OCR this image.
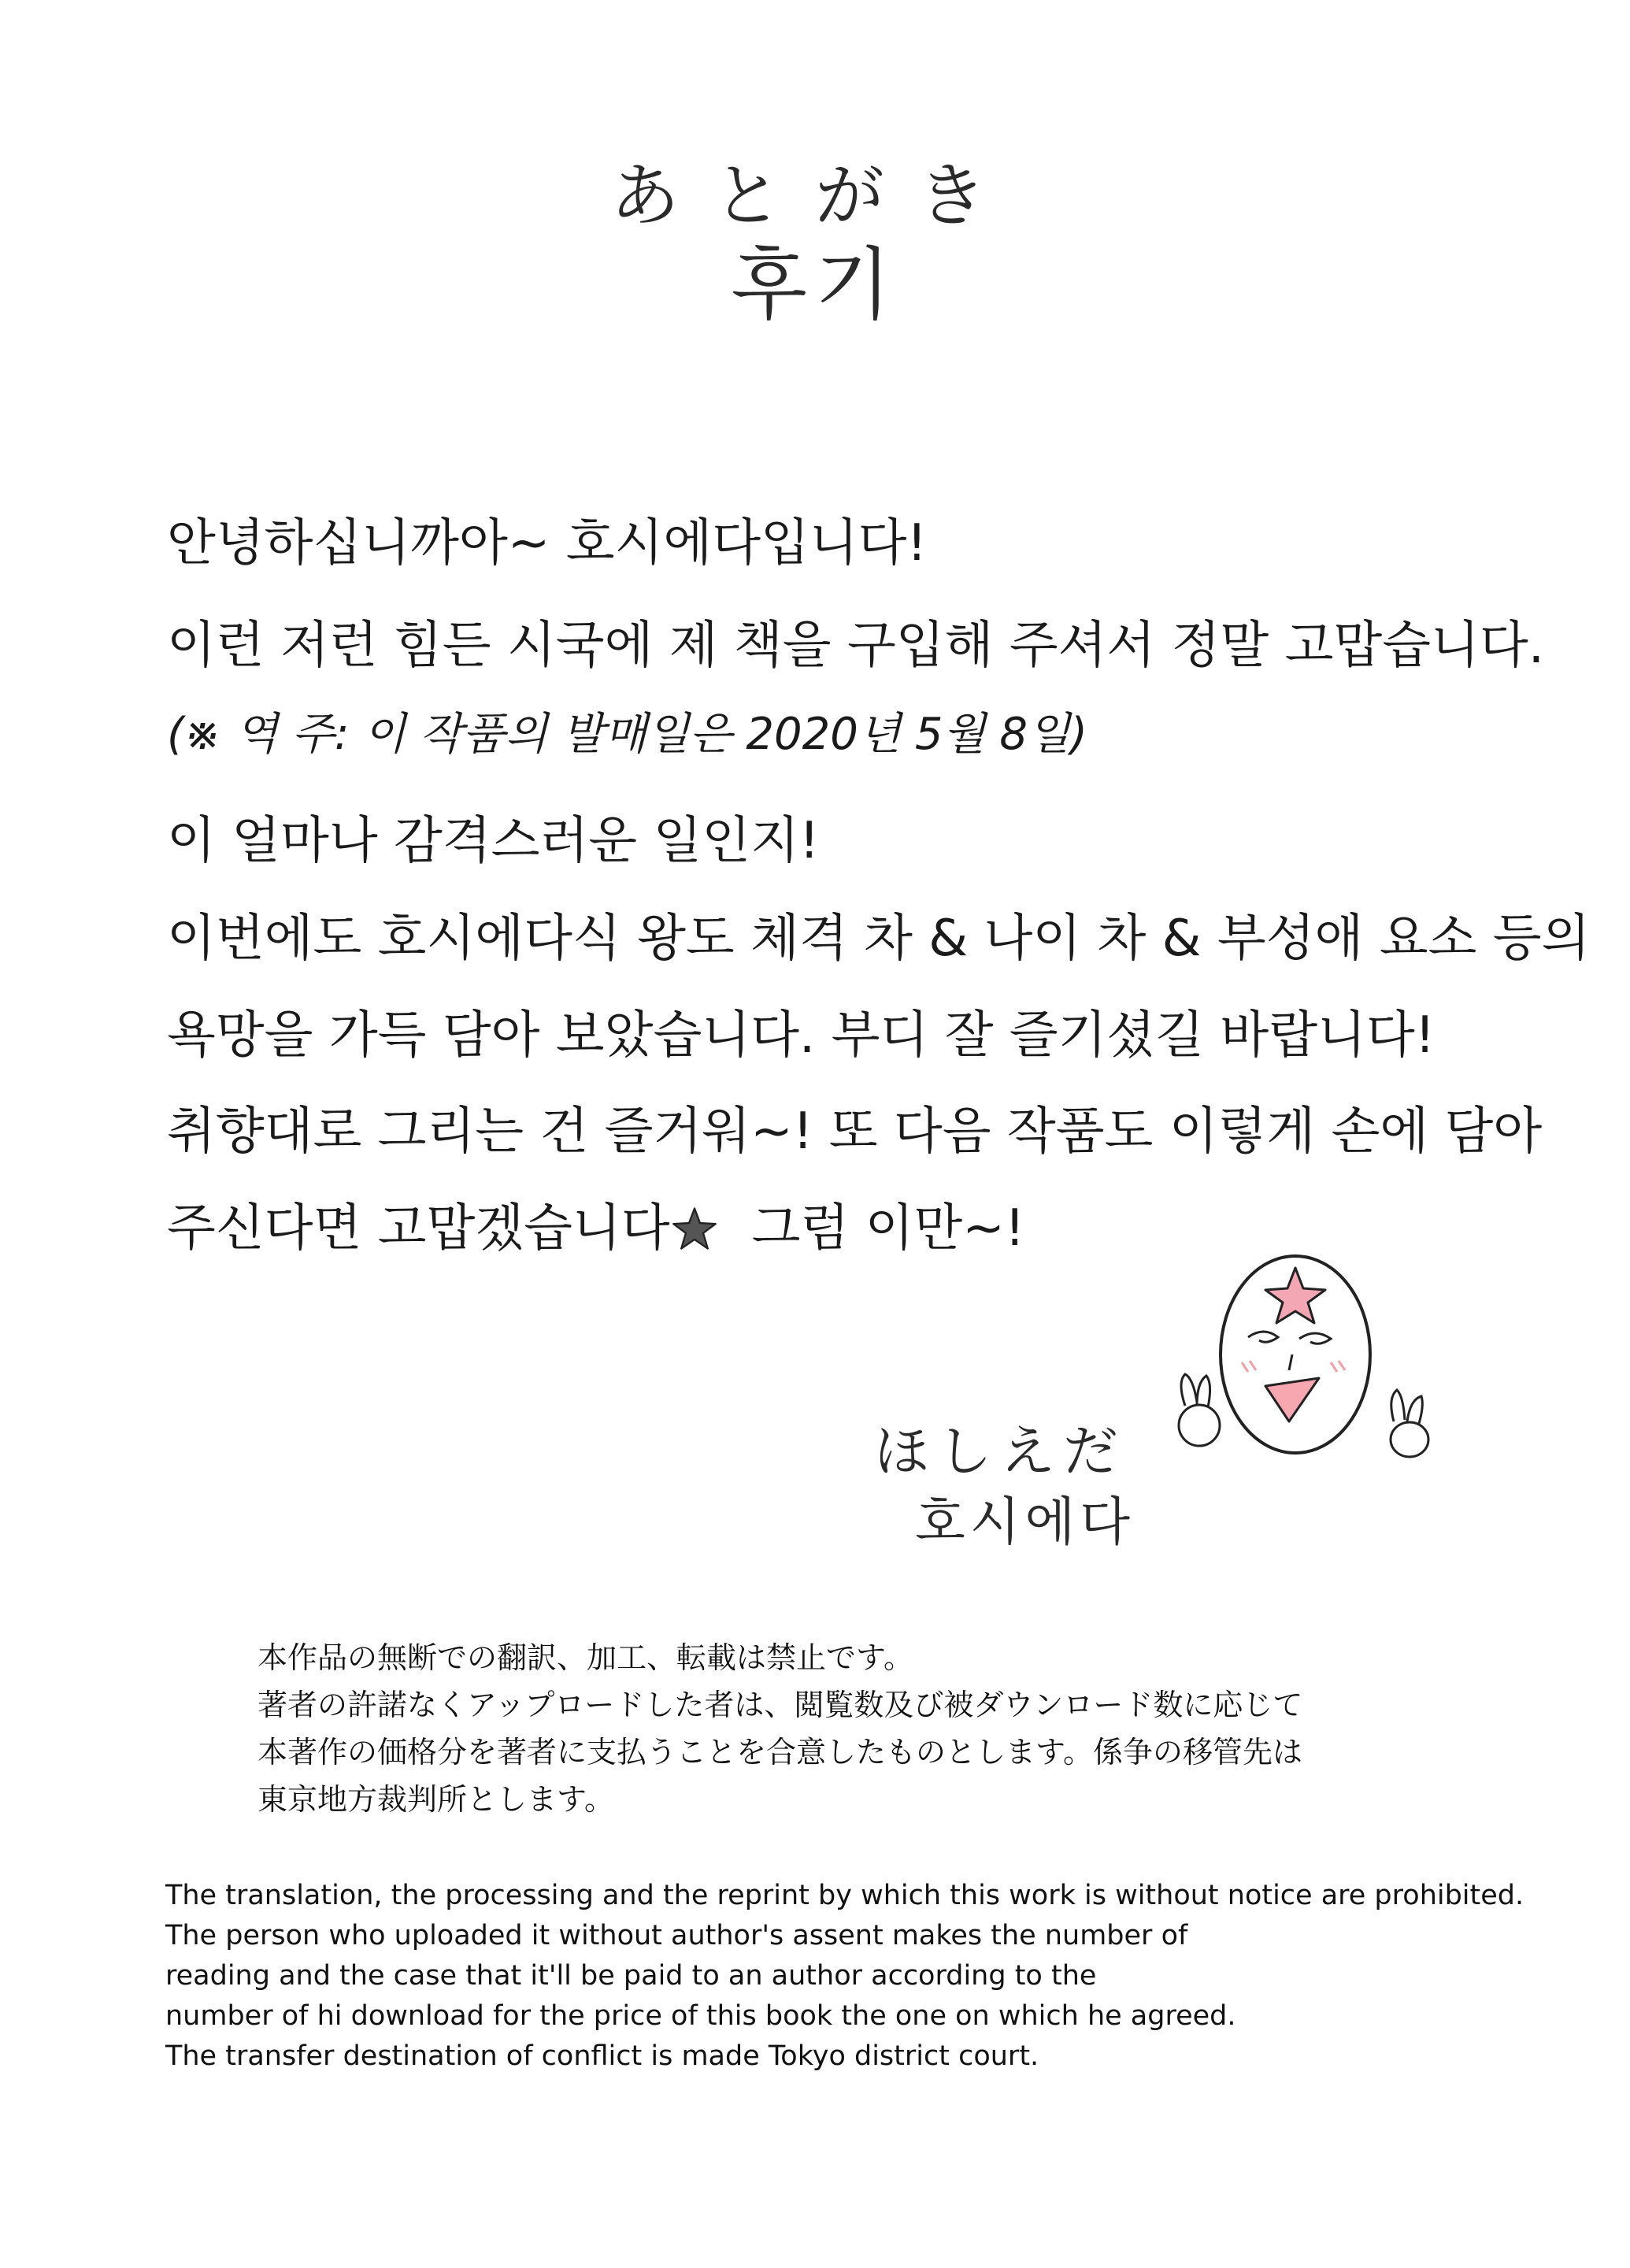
あとがき
후기
안녕하십니까아~ 호시에다입니다!
이런 저런 힘든 시국에 제 책을 구입해 주셔서 정말 고맙습니다.
(※ 역 주: 이 작품의 발매일은 2020년 5월 8일)
이 얼마나 감격스러운 일인지!
이번에도 호시에다식 왕도 체격 차 & 나이 차 & 부성애 요소 등의
욕망을 가득 담아 보았습니다. 부디 잘 즐기셨길 바랍니다!
취향대로 그리는 건 즐거워~! 또 다음 작품도 이렇게 손에 담아
주신다면 고맙겠습니다 그럼 이만~!
ほしえだ
호시에다
本作品の無断での翻訳、加工、転載は禁止です。
著者の許諾なくアップロードした者は、閲覧数及び被ダウンロード数に応じて
本著作の価格分を著者に支払うことを合意したものとします。係争の移管先は
東京地方裁判所とします。
The translation, the processing and the reprint by which this work is without notice are prohibited.
The person who uploaded it without author's assent makes the number of
reading and the case that it'll be paid to an author according to the
number of hi download for the price of this book the one on which he agreed.
The transfer destination of conflict is made Tokyo district court.
